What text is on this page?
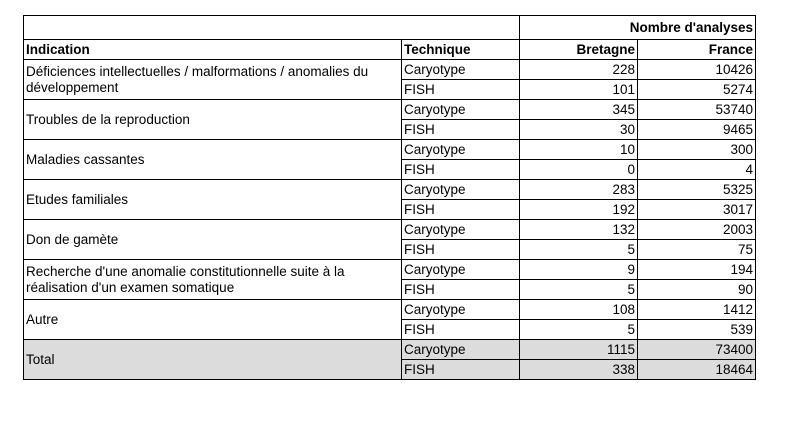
		Nombre d'analyses	
Indication	Technique	Bretagne	France
Déficiences intellectuelles / malformations / anomalies du développement	Caryotype	228	10426
	FISH	101	5274
Troubles de la reproduction	Caryotype	345	53740
	FISH	30	9465
Maladies cassantes	Caryotype	10	300
	FISH	0	4
Etudes familiales	Caryotype	283	5325
	FISH	192	3017
Don de gamète	Caryotype	132	2003
	FISH	5	75
Recherche d'une anomalie constitutionnelle suite à la réalisation d'un examen somatique	Caryotype	9	194
	FISH	5	90
Autre	Caryotype	108	1412
	FISH	5	539
Total	Caryotype	1115	73400
	FISH	338	18464
